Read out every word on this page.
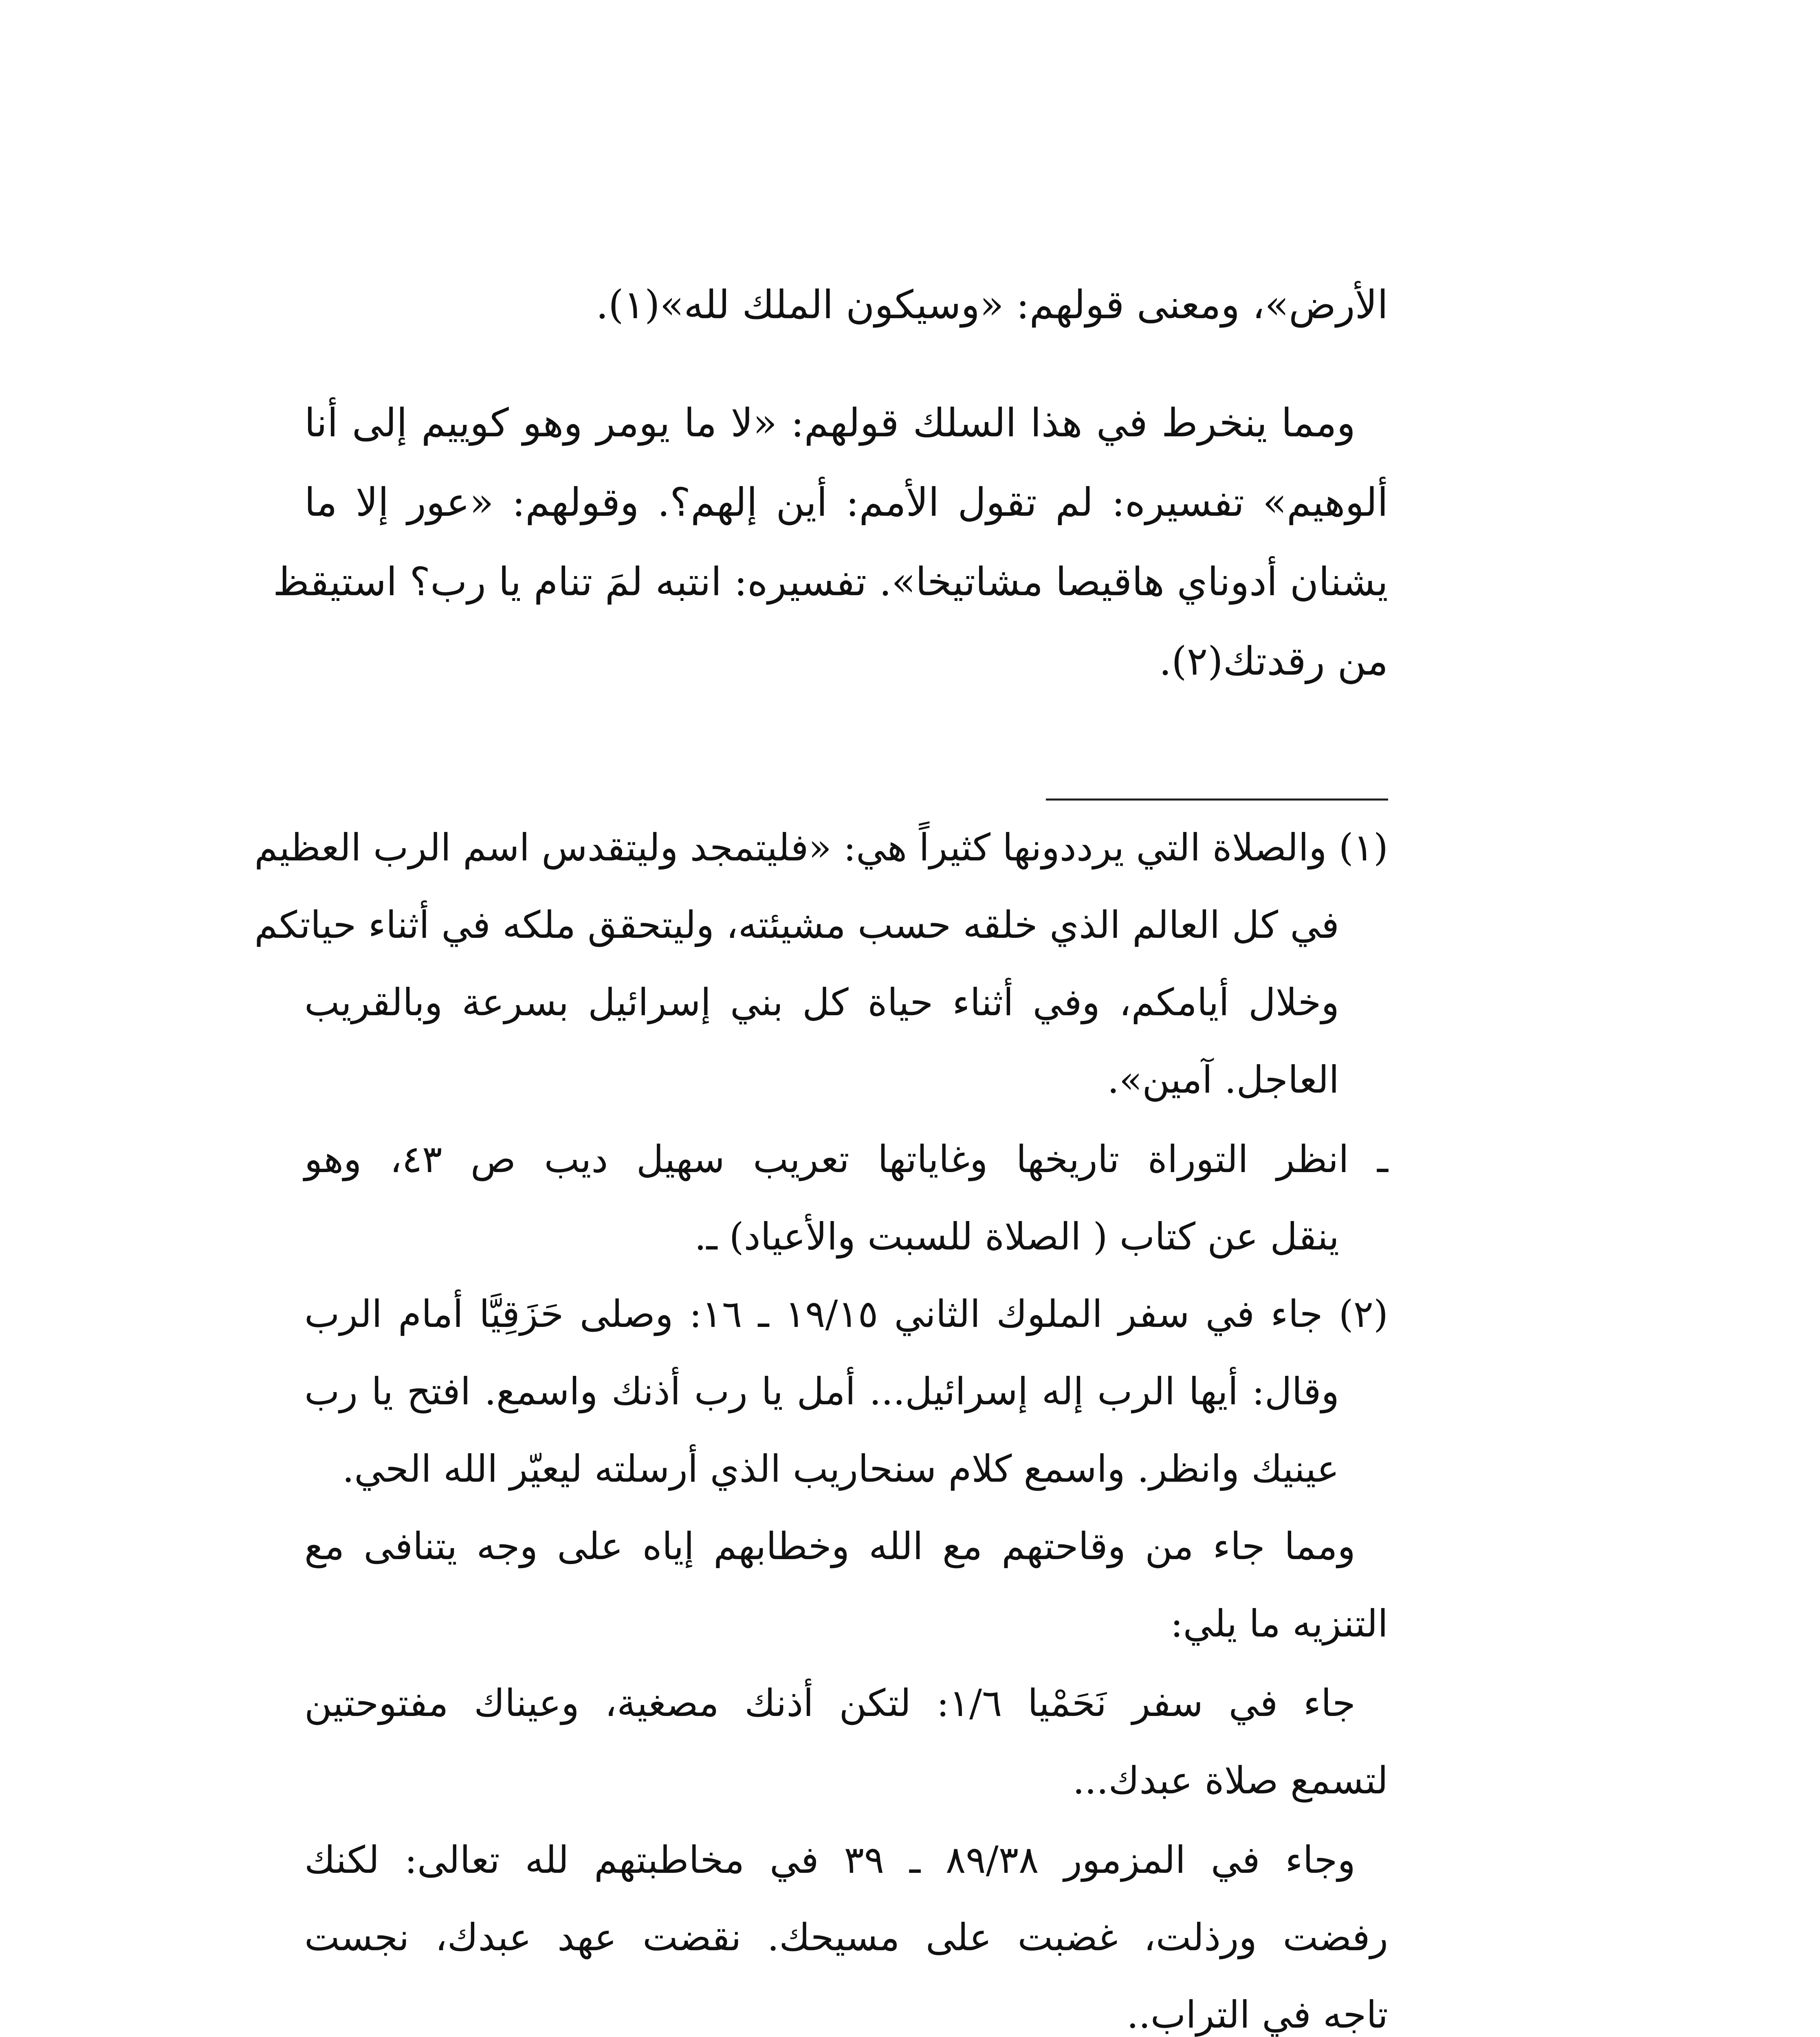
الأرض»، ومعنى قولهم: «وسيكون الملك لله»(١).
ومما ينخرط في هذا السلك قولهم: «لا ما يومر وهو كوييم إلى أنا
ألوهيم» تفسيره: لم تقول الأمم: أين إلهم؟. وقولهم: «عور إلا ما
يشنان أدوناي هاقيصا مشاتيخا». تفسيره: انتبه لمَ تنام يا رب؟ استيقظ
من رقدتك(٢).
(١) والصلاة التي يرددونها كثيراً هي: «فليتمجد وليتقدس اسم الرب العظيم
في كل العالم الذي خلقه حسب مشيئته، وليتحقق ملكه في أثناء حياتكم
وخلال أيامكم، وفي أثناء حياة كل بني إسرائيل بسرعة وبالقريب
العاجل. آمين».
ـ انظر التوراة تاريخها وغاياتها تعريب سهيل ديب ص ٤٣، وهو
ينقل عن كتاب ( الصلاة للسبت والأعياد) ـ.
(٢) جاء في سفر الملوك الثاني ١٩/١٥ ـ ١٦: وصلى حَزَقِيَّا أمام الرب
وقال: أيها الرب إله إسرائيل... أمل يا رب أذنك واسمع. افتح يا رب
عينيك وانظر. واسمع كلام سنحاريب الذي أرسلته ليعيّر الله الحي.
ومما جاء من وقاحتهم مع الله وخطابهم إياه على وجه يتنافى مع
التنزيه ما يلي:
جاء في سفر نَحَمْيا ١/٦: لتكن أذنك مصغية، وعيناك مفتوحتين
لتسمع صلاة عبدك...
وجاء في المزمور ٨٩/٣٨ ـ ٣٩ في مخاطبتهم لله تعالى: لكنك
رفضت ورذلت، غضبت على مسيحك. نقضت عهد عبدك، نجست
تاجه في التراب..
